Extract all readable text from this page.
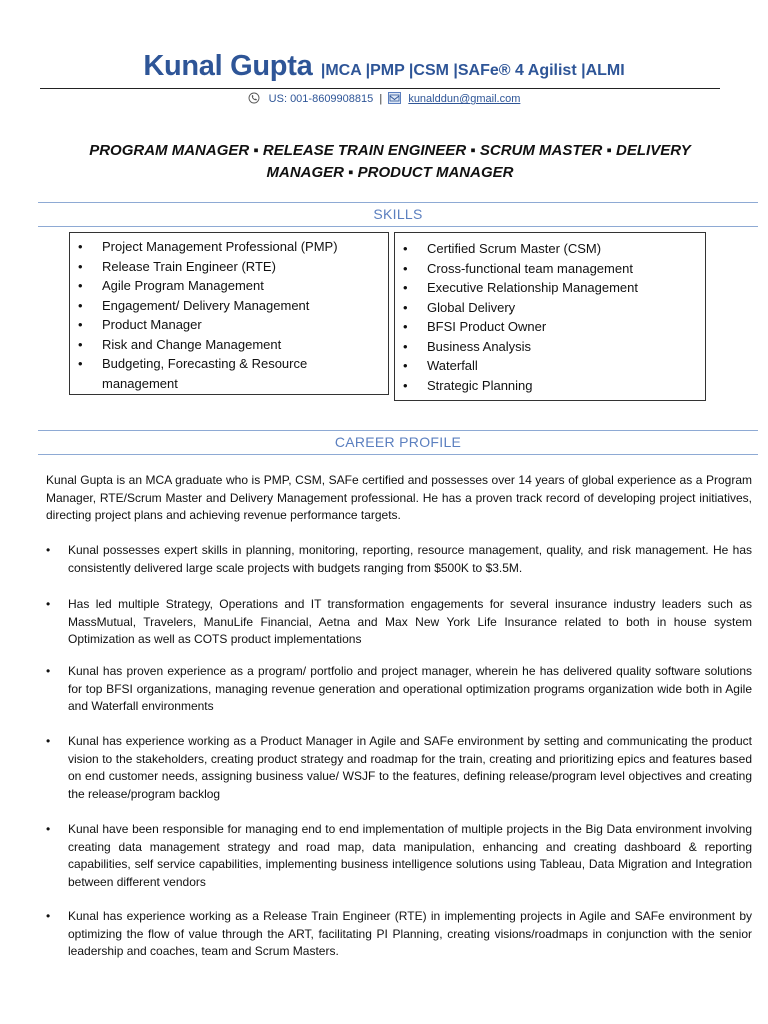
Kunal Gupta |MCA |PMP |CSM |SAFe® 4 Agilist |ALMI
US: 001-8609908815 | kunalddun@gmail.com
PROGRAM MANAGER ▪ RELEASE TRAIN ENGINEER ▪ SCRUM MASTER ▪ DELIVERY MANAGER ▪ PRODUCT MANAGER
SKILLS
• Project Management Professional (PMP)
• Release Train Engineer (RTE)
• Agile Program Management
• Engagement/ Delivery Management
• Product Manager
• Risk and Change Management
• Budgeting, Forecasting & Resource management
• Certified Scrum Master (CSM)
• Cross-functional team management
• Executive Relationship Management
• Global Delivery
• BFSI Product Owner
• Business Analysis
• Waterfall
• Strategic Planning
CAREER PROFILE
Kunal Gupta is an MCA graduate who is PMP, CSM, SAFe certified and possesses over 14 years of global experience as a Program Manager, RTE/Scrum Master and Delivery Management professional. He has a proven track record of developing project initiatives, directing project plans and achieving revenue performance targets.
• Kunal possesses expert skills in planning, monitoring, reporting, resource management, quality, and risk management. He has consistently delivered large scale projects with budgets ranging from $500K to $3.5M.
• Has led multiple Strategy, Operations and IT transformation engagements for several insurance industry leaders such as MassMutual, Travelers, ManuLife Financial, Aetna and Max New York Life Insurance related to both in house system Optimization as well as COTS product implementations
• Kunal has proven experience as a program/ portfolio and project manager, wherein he has delivered quality software solutions for top BFSI organizations, managing revenue generation and operational optimization programs organization wide both in Agile and Waterfall environments
• Kunal has experience working as a Product Manager in Agile and SAFe environment by setting and communicating the product vision to the stakeholders, creating product strategy and roadmap for the train, creating and prioritizing epics and features based on end customer needs, assigning business value/ WSJF to the features, defining release/program level objectives and creating the release/program backlog
• Kunal have been responsible for managing end to end implementation of multiple projects in the Big Data environment involving creating data management strategy and road map, data manipulation, enhancing and creating dashboard & reporting capabilities, self service capabilities, implementing business intelligence solutions using Tableau, Data Migration and Integration between different vendors
• Kunal has experience working as a Release Train Engineer (RTE) in implementing projects in Agile and SAFe environment by optimizing the flow of value through the ART, facilitating PI Planning, creating visions/roadmaps in conjunction with the senior leadership and coaches, team and Scrum Masters.
